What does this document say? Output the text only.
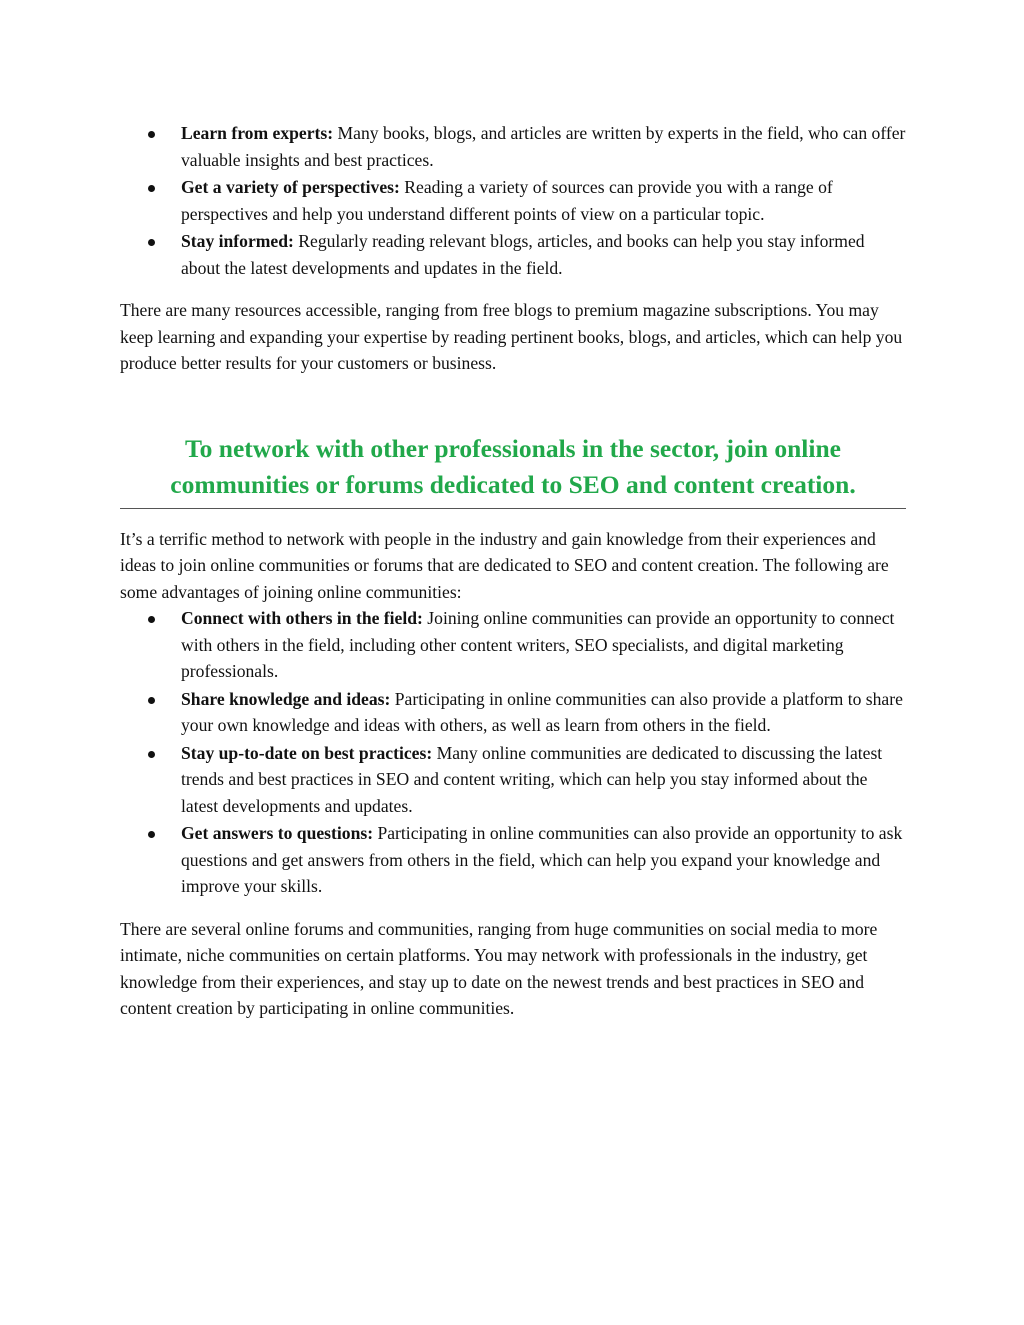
Learn from experts: Many books, blogs, and articles are written by experts in the field, who can offer valuable insights and best practices.
Get a variety of perspectives: Reading a variety of sources can provide you with a range of perspectives and help you understand different points of view on a particular topic.
Stay informed: Regularly reading relevant blogs, articles, and books can help you stay informed about the latest developments and updates in the field.

There are many resources accessible, ranging from free blogs to premium magazine subscriptions. You may keep learning and expanding your expertise by reading pertinent books, blogs, and articles, which can help you produce better results for your customers or business.

To network with other professionals in the sector, join online
communities or forums dedicated to SEO and content creation.

It’s a terrific method to network with people in the industry and gain knowledge from their experiences and ideas to join online communities or forums that are dedicated to SEO and content creation. The following are some advantages of joining online communities:

Connect with others in the field: Joining online communities can provide an opportunity to connect with others in the field, including other content writers, SEO specialists, and digital marketing professionals.
Share knowledge and ideas: Participating in online communities can also provide a platform to share your own knowledge and ideas with others, as well as learn from others in the field.
Stay up-to-date on best practices: Many online communities are dedicated to discussing the latest trends and best practices in SEO and content writing, which can help you stay informed about the latest developments and updates.
Get answers to questions: Participating in online communities can also provide an opportunity to ask questions and get answers from others in the field, which can help you expand your knowledge and improve your skills.

There are several online forums and communities, ranging from huge communities on social media to more intimate, niche communities on certain platforms. You may network with professionals in the industry, get knowledge from their experiences, and stay up to date on the newest trends and best practices in SEO and content creation by participating in online communities.
